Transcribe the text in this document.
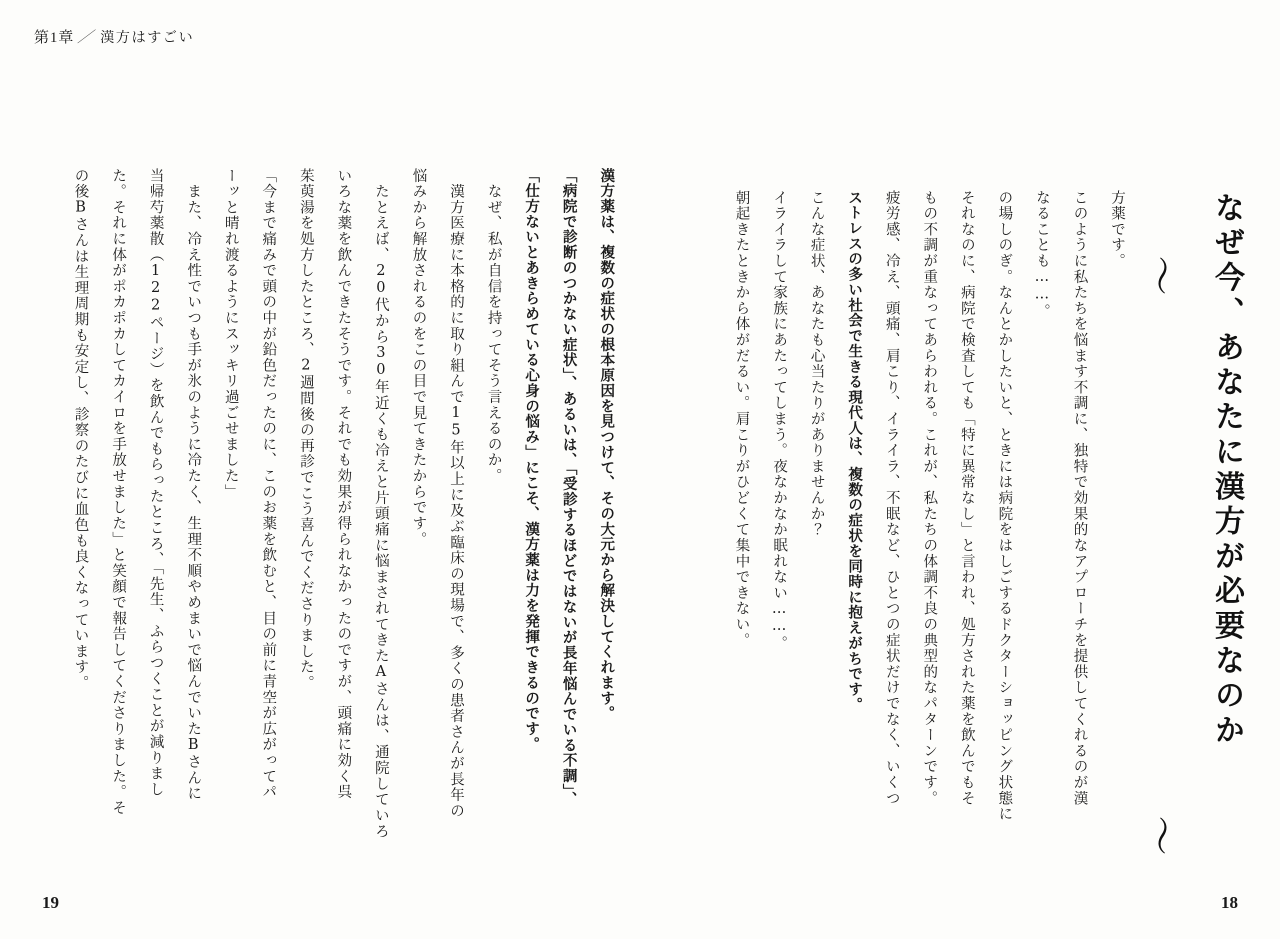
第1章 ／ 漢方はすごい
〜 なぜ今、あなたに漢方が必要なのか
〜
朝起きたときから体がだるい。肩こりがひどくて集中できない。	イライラして家族にあたってしまう。夜なかなか眠れない……。	こんな症状、あなたも心当たりがありませんか？	ストレスの多い社会で生きる現代人は、複数の症状を同時に抱えがちです。	疲労感、冷え、頭痛、肩こり、イライラ、不眠など、ひとつの症状だけでなく、いくつ	もの不調が重なってあらわれる。これが、私たちの体調不良の典型的なパターンです。	それなのに、病院で検査しても「特に異常なし」と言われ、処方された薬を飲んでもそ	の場しのぎ。なんとかしたいと、ときには病院をはしごするドクターショッピング状態に	なることも……。	このように私たちを悩ます不調に、独特で効果的なアプローチを提供してくれるのが漢	方薬です。
漢方薬は、複数の症状の根本原因を見つけて、その大元から解決してくれます。
「病院で診断のつかない症状」、あるいは、「受診するほどではないが長年悩んでいる不調」、
「仕方ないとあきらめている心身の悩み」にこそ、漢方薬は力を発揮できるのです。
　なぜ、私が自信を持ってそう言えるのか。
　漢方医療に本格的に取り組んで15年以上に及ぶ臨床の現場で、多くの患者さんが長年の
悩みから解放されるのをこの目で見てきたからです。
　たとえば、20代から30年近くも冷えと片頭痛に悩まされてきたAさんは、通院していろ
いろな薬を飲んできたそうです。それでも効果が得られなかったのですが、頭痛に効く呉
茱萸湯を処方したところ、2週間後の再診でこう喜んでくださりました。
「今まで痛みで頭の中が鉛色だったのに、このお薬を飲むと、目の前に青空が広がってパ
ーッと晴れ渡るようにスッキリ過ごせました」
　また、冷え性でいつも手が氷のように冷たく、生理不順やめまいで悩んでいたBさんに
当帰芍薬散（122ページ）を飲んでもらったところ、「先生、ふらつくことが減りまし
た。それに体がポカポカしてカイロを手放せました」と笑顔で報告してくださりました。そ
の後Bさんは生理周期も安定し、診察のたびに血色も良くなっています。
19	18
